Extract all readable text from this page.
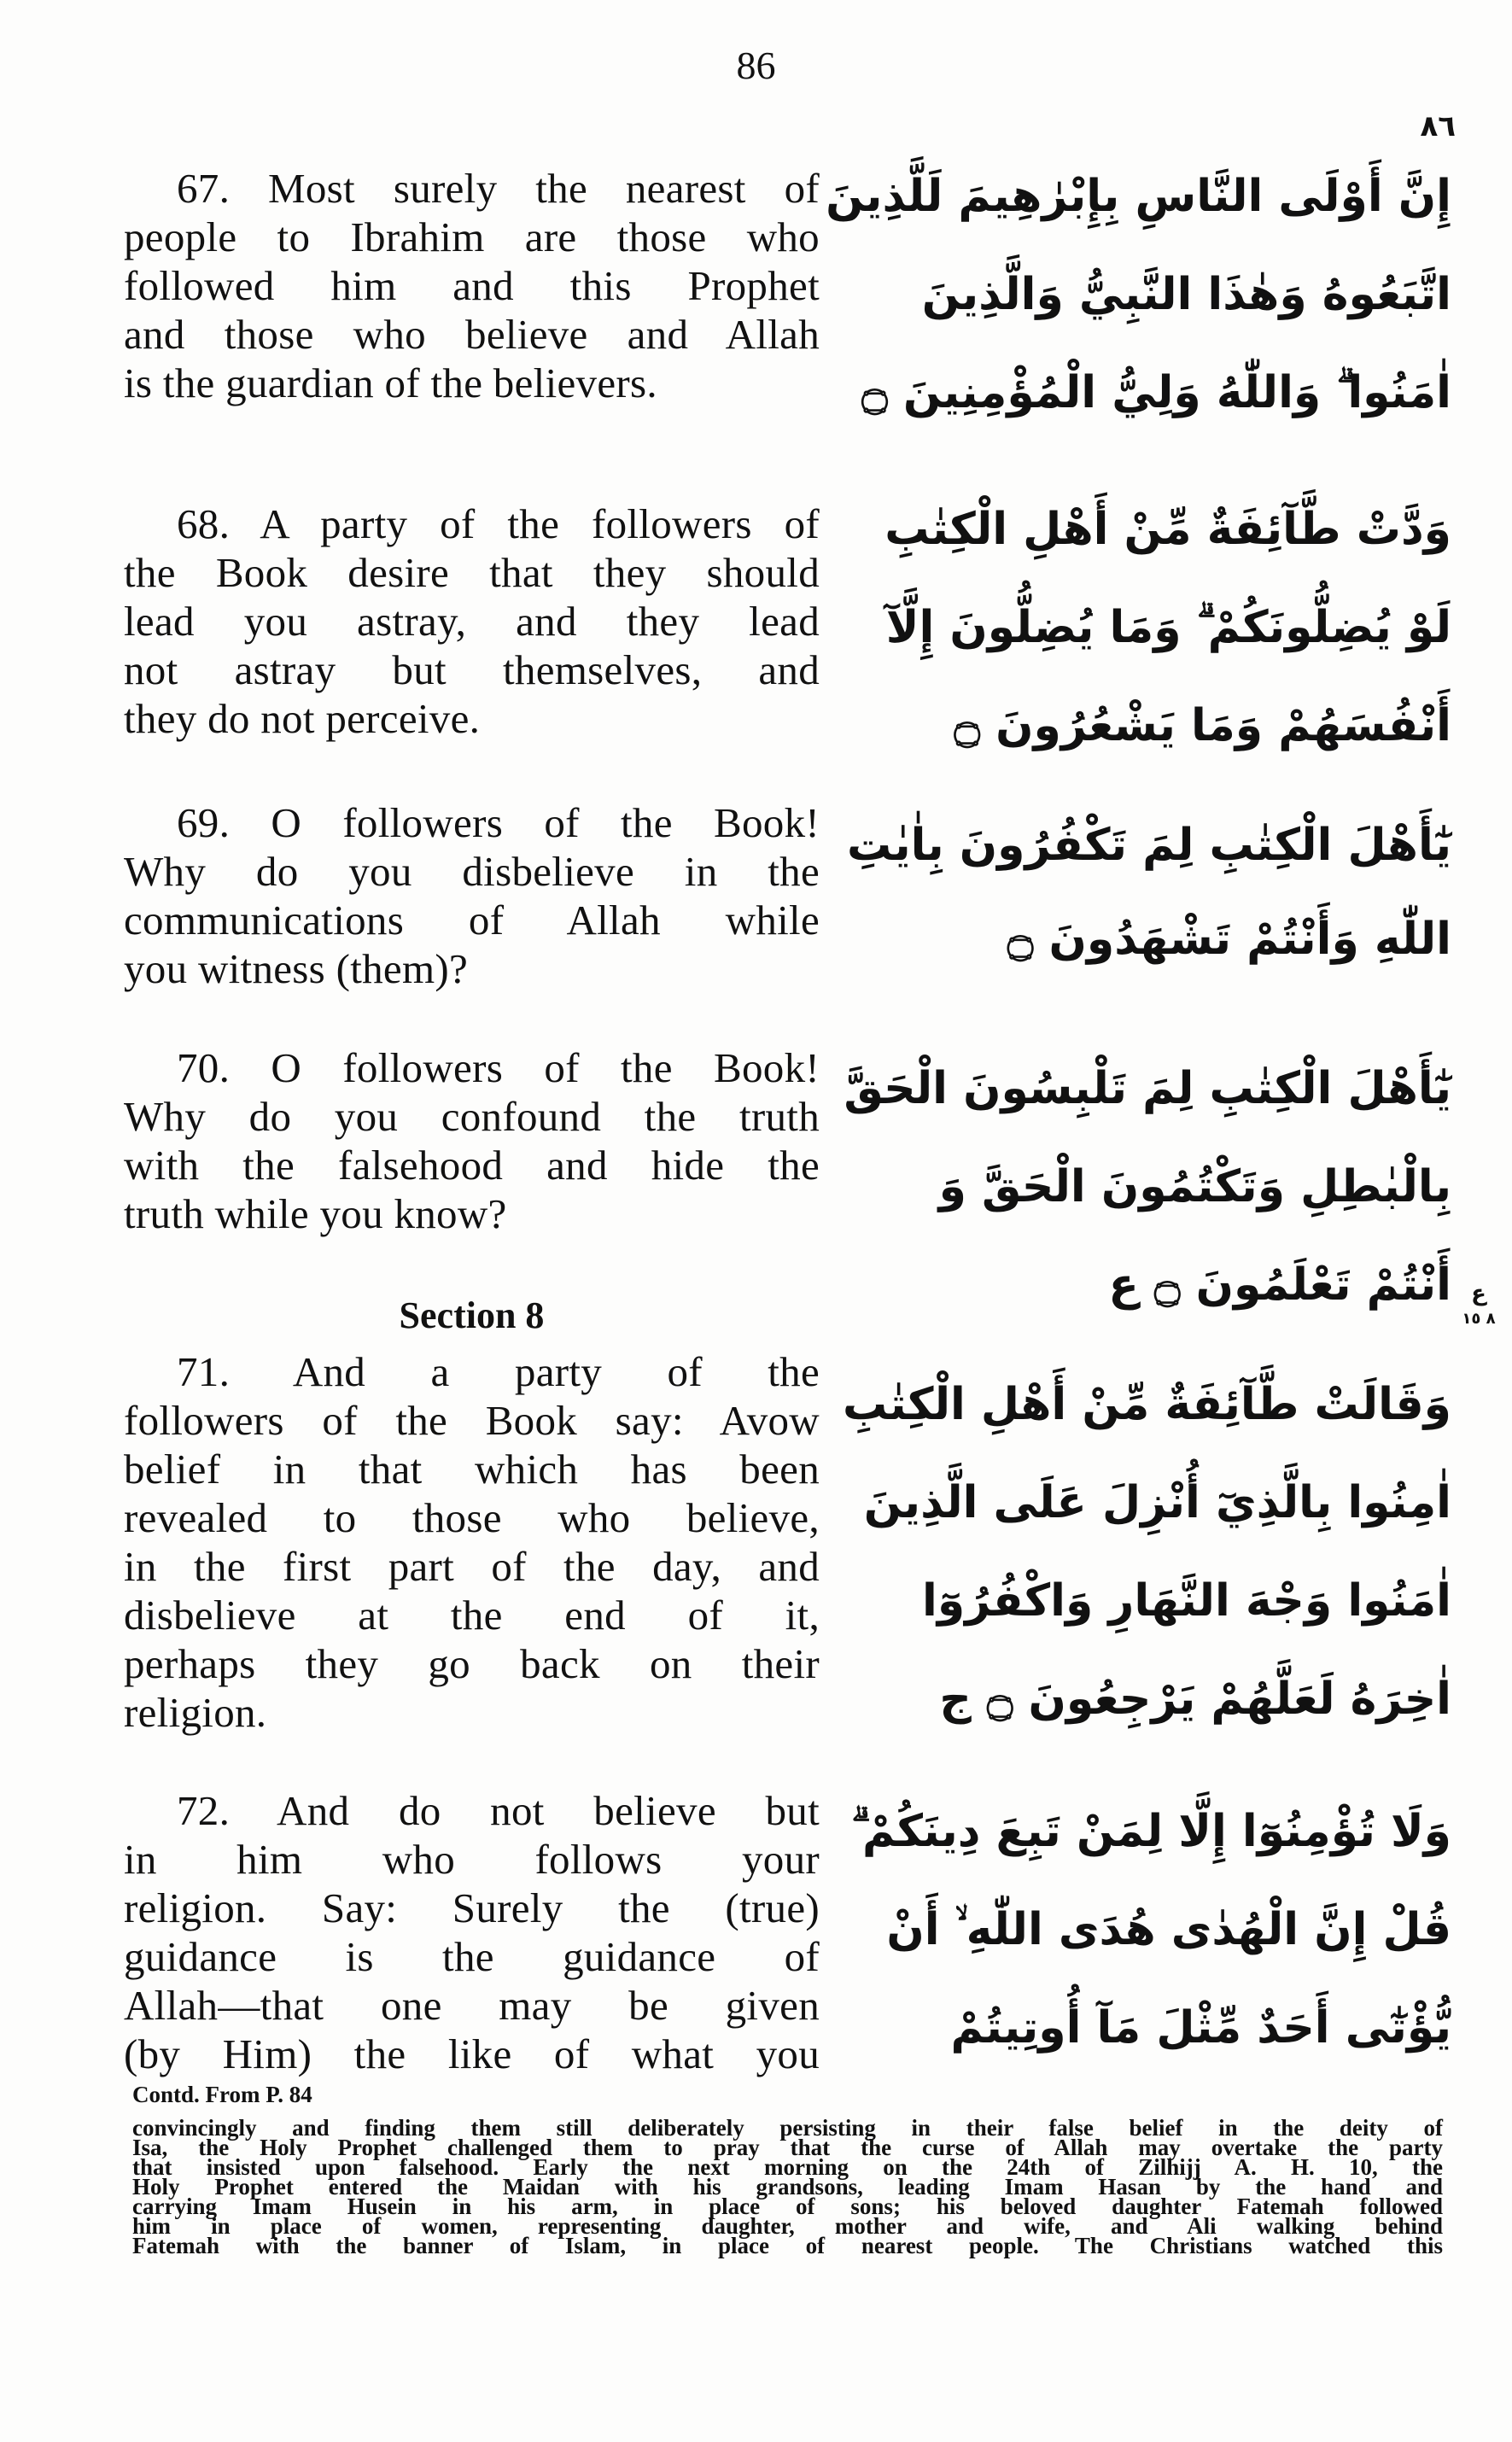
86
٨٦
67. Most surely the nearest of
people to Ibrahim are those who
followed him and this Prophet
and those who believe and Allah
is the guardian of the believers.
68. A party of the followers of
the Book desire that they should
lead you astray, and they lead
not astray but themselves, and
they do not perceive.
69. O followers of the Book!
Why do you disbelieve in the
communications of Allah while
you witness (them)?
70. O followers of the Book!
Why do you confound the truth
with the falsehood and hide the
truth while you know?
Section 8
71. And a party of the
followers of the Book say: Avow
belief in that which has been
revealed to those who believe,
in the first part of the day, and
disbelieve at the end of it,
perhaps they go back on their
religion.
72. And do not believe but
in him who follows your
religion. Say: Surely the (true)
guidance is the guidance of
Allah—that one may be given
(by Him) the like of what you
إِنَّ أَوْلَى النَّاسِ بِإِبْرٰهِيمَ لَلَّذِينَ
اتَّبَعُوهُ وَهٰذَا النَّبِيُّ وَالَّذِينَ
اٰمَنُوا ۗ وَاللّٰهُ وَلِيُّ الْمُؤْمِنِينَ ۝
وَدَّتْ طَّآئِفَةٌ مِّنْ أَهْلِ الْكِتٰبِ
لَوْ يُضِلُّونَكُمْ ۗ وَمَا يُضِلُّونَ إِلَّآ
أَنْفُسَهُمْ وَمَا يَشْعُرُونَ ۝
يٰٓأَهْلَ الْكِتٰبِ لِمَ تَكْفُرُونَ بِاٰيٰتِ
اللّٰهِ وَأَنْتُمْ تَشْهَدُونَ ۝
يٰٓأَهْلَ الْكِتٰبِ لِمَ تَلْبِسُونَ الْحَقَّ
بِالْبٰطِلِ وَتَكْتُمُونَ الْحَقَّ وَ
أَنْتُمْ تَعْلَمُونَ ۝ ع
وَقَالَتْ طَّآئِفَةٌ مِّنْ أَهْلِ الْكِتٰبِ
اٰمِنُوا بِالَّذِيٓ أُنْزِلَ عَلَى الَّذِينَ
اٰمَنُوا وَجْهَ النَّهَارِ وَاكْفُرُوٓا
اٰخِرَهُ لَعَلَّهُمْ يَرْجِعُونَ ۝ ج
وَلَا تُؤْمِنُوٓا إِلَّا لِمَنْ تَبِعَ دِينَكُمْ ۗ
قُلْ إِنَّ الْهُدٰى هُدَى اللّٰهِ ۙ أَنْ
يُّؤْتٰٓى أَحَدٌ مِّثْلَ مَآ أُوتِيتُمْ
ع
٨ ١٥
Contd. From P. 84
convincingly and finding them still deliberately persisting in their false belief in the deity of
Isa, the Holy Prophet challenged them to pray that the curse of Allah may overtake the party
that insisted upon falsehood. Early the next morning on the 24th of Zilhijj A. H. 10, the
Holy Prophet entered the Maidan with his grandsons, leading Imam Hasan by the hand and
carrying Imam Husein in his arm, in place of sons; his beloved daughter Fatemah followed
him in place of women, representing daughter, mother and wife, and Ali walking behind
Fatemah with the banner of Islam, in place of nearest people. The Christians watched this
